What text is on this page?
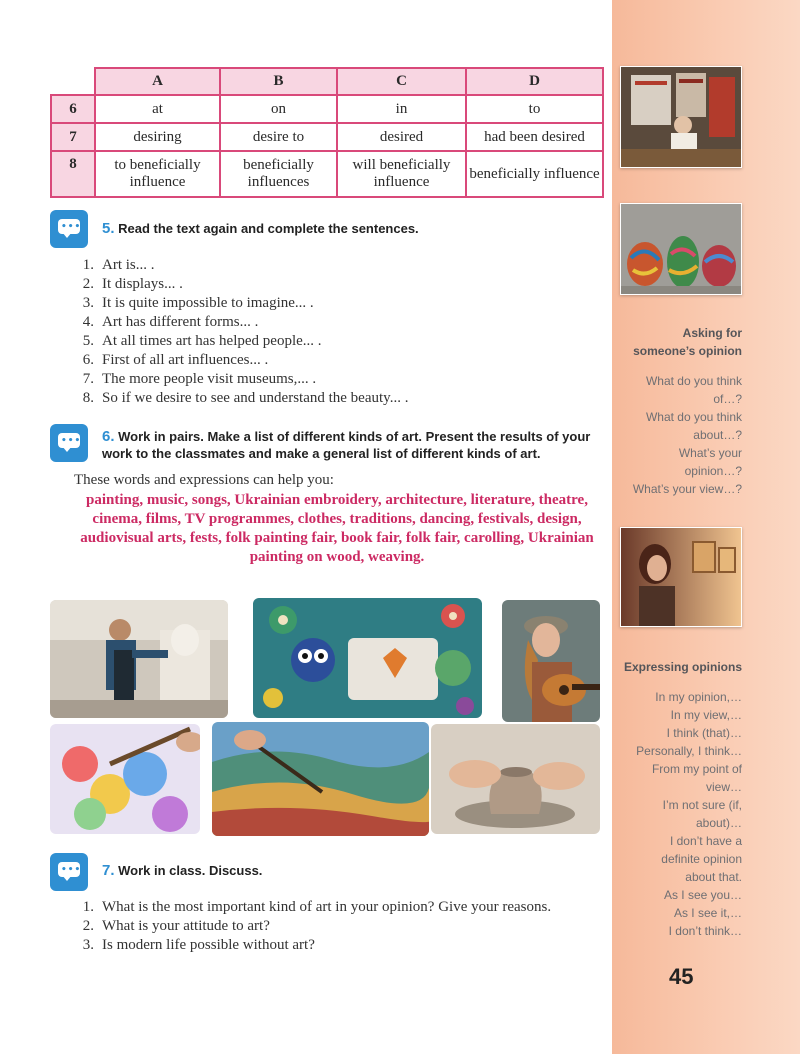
Asking for
someone’s opinion
What do you think
of…?
What do you think
about…?
What’s your
opinion…?
What’s your view…?
Expressing opinions
In my opinion,…
In my view,…
I think (that)…
Personally, I think…
From my point of
view…
I’m not sure (if,
about)…
I don’t have a
definite opinion
about that.
As I see you…
As I see it,…
I don’t think…
45
	A	B	C	D
6	at	on	in	to
7	desiring	desire to	desired	had been desired
8	to beneficially influence	beneficially influences	will beneficially influence	beneficially influence
••• 5. Read the text again and complete the sentences.
1. Art is... .
2. It displays... .
3. It is quite impossible to imagine... .
4. Art has different forms... .
5. At all times art has helped people... .
6. First of all art influences... .
7. The more people visit museums,... .
8. So if we desire to see and understand the beauty... .
••• 6. Work in pairs. Make a list of different kinds of art. Present the results of your work to the classmates and make a general list of different kinds of art.
These words and expressions can help you:
painting, music, songs, Ukrainian embroidery, architecture, literature, theatre, cinema, films, TV programmes, clothes, traditions, dancing, festivals, design, audiovisual arts, fests, folk painting fair, book fair, folk fair, carolling, Ukrainian painting on wood, weaving.
••• 7. Work in class. Discuss.
1. What is the most important kind of art in your opinion? Give your reasons.
2. What is your attitude to art?
3. Is modern life possible without art?
